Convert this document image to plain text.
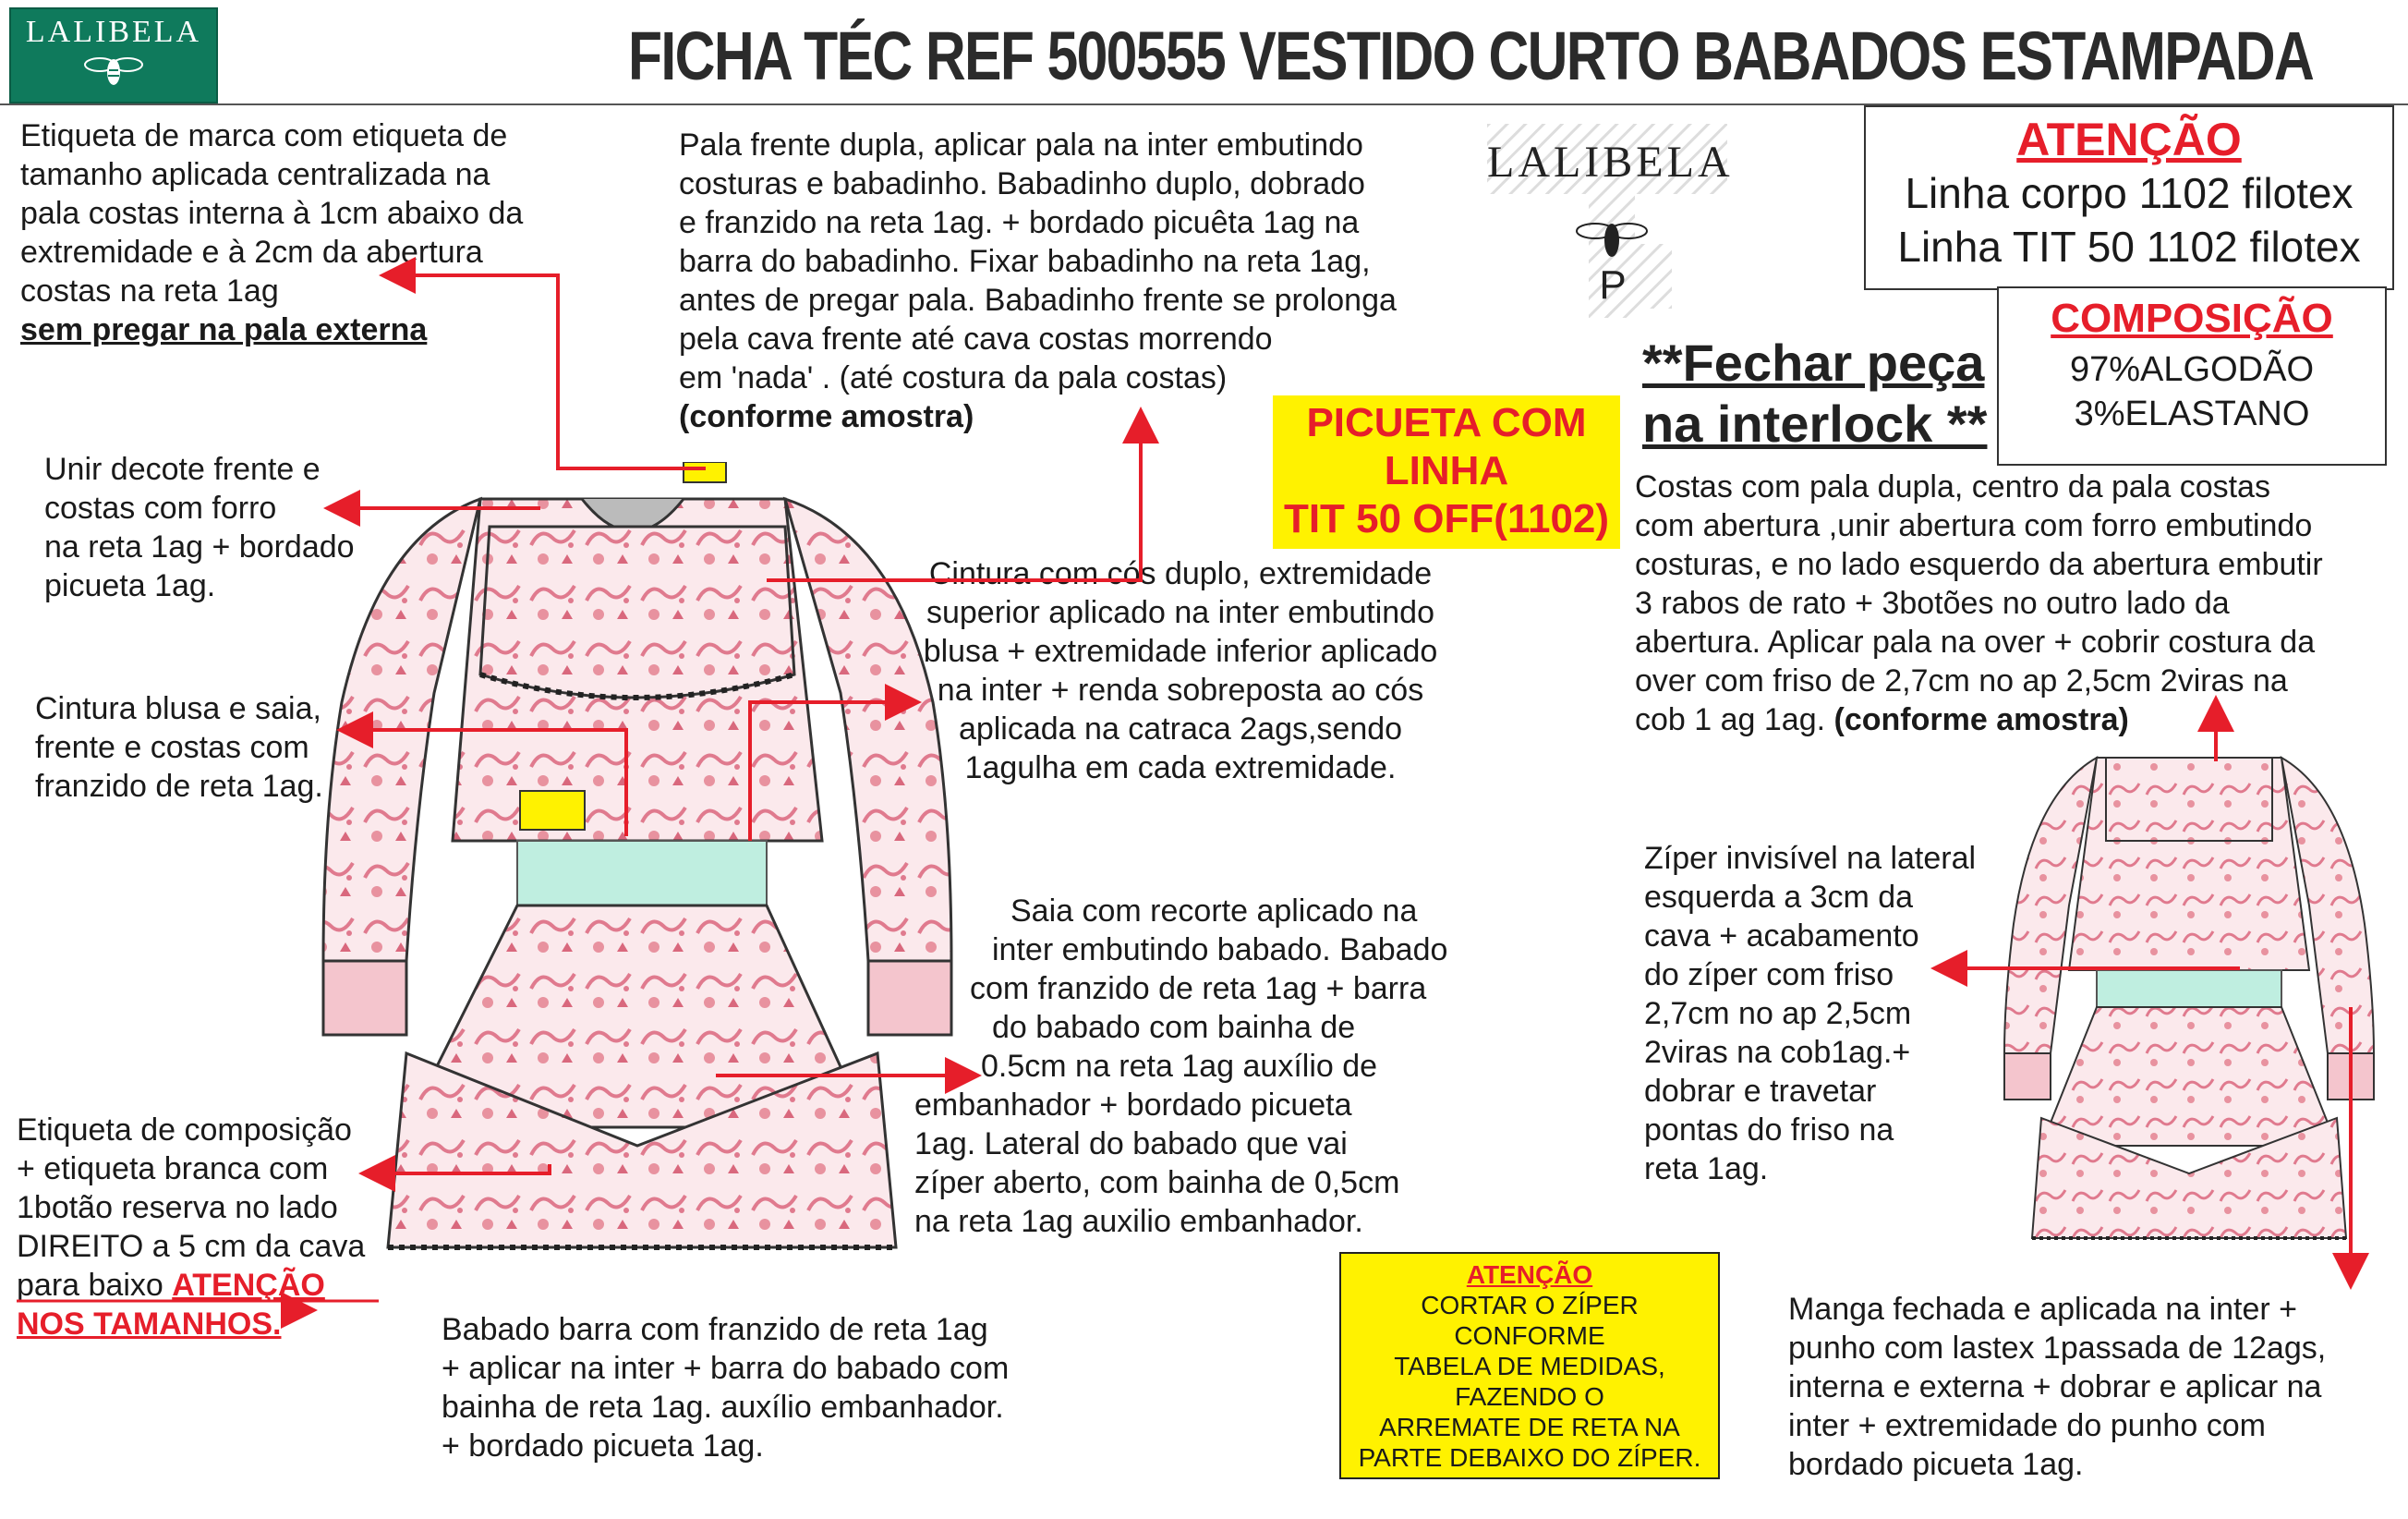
LALIBELA	FICHA TÉC REF 500555 VESTIDO CURTO BABADOS ESTAMPADA
LALIBELA
P
ATENÇÃO
Linha corpo 1102 filotex
Linha TIT 50 1102 filotex
COMPOSIÇÃO
97%ALGODÃO
3%ELASTANO
**Fechar peça
na interlock **
PICUETA COM
LINHA
TIT 50 OFF(1102)
ATENÇÃO
CORTAR O ZÍPER
CONFORME
TABELA DE MEDIDAS,
FAZENDO O
ARREMATE DE RETA NA
PARTE DEBAIXO DO ZÍPER.
Etiqueta de marca com etiqueta de
tamanho aplicada centralizada na
pala costas interna à 1cm abaixo da
extremidade e à 2cm da abertura
costas na reta 1ag
sem pregar na pala externa
Pala frente dupla, aplicar pala na inter embutindo
costuras e babadinho. Babadinho duplo, dobrado
e franzido na reta 1ag. + bordado picuêta 1ag na
barra do babadinho. Fixar babadinho na reta 1ag,
antes de pregar pala. Babadinho frente se prolonga
pela cava frente até cava costas morrendo
em 'nada' . (até costura da pala costas)
(conforme amostra)
Unir decote frente e
costas com forro
na reta 1ag + bordado
picueta 1ag.
Cintura blusa e saia,
frente e costas com
franzido de reta 1ag.
Cintura com cós duplo, extremidade
superior aplicado na inter embutindo
blusa + extremidade inferior aplicado
na inter + renda sobreposta ao cós
aplicada na catraca 2ags,sendo
1agulha em cada extremidade.
Saia com recorte aplicado na
inter embutindo babado. Babado
com franzido de reta 1ag + barra
do babado com bainha de
0.5cm na reta 1ag auxílio de
embanhador + bordado picueta
1ag. Lateral do babado que vai
zíper aberto, com bainha de 0,5cm
na reta 1ag auxilio embanhador.
Etiqueta de composição
+ etiqueta branca com
1botão reserva no lado
DIREITO a 5 cm da cava
para baixo ATENÇÃO
NOS TAMANHOS.	Babado barra com franzido de reta 1ag
+ aplicar na inter + barra do babado com
bainha de reta 1ag. auxílio embanhador.
+ bordado picueta 1ag.
Costas com pala dupla, centro da pala costas
com abertura ,unir abertura com forro embutindo
costuras, e no lado esquerdo da abertura embutir
3 rabos de rato + 3botões no outro lado da
abertura. Aplicar pala na over + cobrir costura da
over com friso de 2,7cm no ap 2,5cm 2viras na
cob 1 ag 1ag. (conforme amostra)
Zíper invisível na lateral
esquerda a 3cm da
cava + acabamento
do zíper com friso
2,7cm no ap 2,5cm
2viras na cob1ag.+
dobrar e travetar
pontas do friso na
reta 1ag.
Manga fechada e aplicada na inter +
punho com lastex 1passada de 12ags,
interna e externa + dobrar e aplicar na
inter + extremidade do punho com
bordado picueta 1ag.
